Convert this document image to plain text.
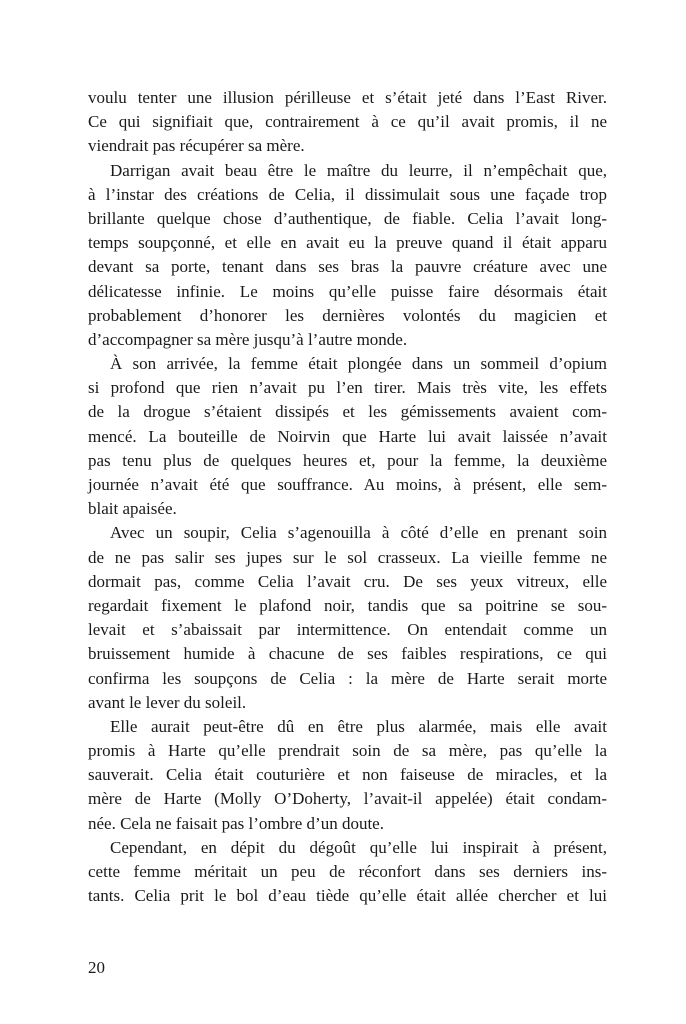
voulu tenter une illusion périlleuse et s’était jeté dans l’East River.
Ce qui signifiait que, contrairement à ce qu’il avait promis, il ne
viendrait pas récupérer sa mère.
Darrigan avait beau être le maître du leurre, il n’empêchait que,
à l’instar des créations de Celia, il dissimulait sous une façade trop
brillante quelque chose d’authentique, de fiable. Celia l’avait long-
temps soupçonné, et elle en avait eu la preuve quand il était apparu
devant sa porte, tenant dans ses bras la pauvre créature avec une
délicatesse infinie. Le moins qu’elle puisse faire désormais était
probablement d’honorer les dernières volontés du magicien et
d’accompagner sa mère jusqu’à l’autre monde.
À son arrivée, la femme était plongée dans un sommeil d’opium
si profond que rien n’avait pu l’en tirer. Mais très vite, les effets
de la drogue s’étaient dissipés et les gémissements avaient com-
mencé. La bouteille de Noirvin que Harte lui avait laissée n’avait
pas tenu plus de quelques heures et, pour la femme, la deuxième
journée n’avait été que souffrance. Au moins, à présent, elle sem-
blait apaisée.
Avec un soupir, Celia s’agenouilla à côté d’elle en prenant soin
de ne pas salir ses jupes sur le sol crasseux. La vieille femme ne
dormait pas, comme Celia l’avait cru. De ses yeux vitreux, elle
regardait fixement le plafond noir, tandis que sa poitrine se sou-
levait et s’abaissait par intermittence. On entendait comme un
bruissement humide à chacune de ses faibles respirations, ce qui
confirma les soupçons de Celia : la mère de Harte serait morte
avant le lever du soleil.
Elle aurait peut-être dû en être plus alarmée, mais elle avait
promis à Harte qu’elle prendrait soin de sa mère, pas qu’elle la
sauverait. Celia était couturière et non faiseuse de miracles, et la
mère de Harte (Molly O’Doherty, l’avait-il appelée) était condam-
née. Cela ne faisait pas l’ombre d’un doute.
Cependant, en dépit du dégoût qu’elle lui inspirait à présent,
cette femme méritait un peu de réconfort dans ses derniers ins-
tants. Celia prit le bol d’eau tiède qu’elle était allée chercher et lui
20
